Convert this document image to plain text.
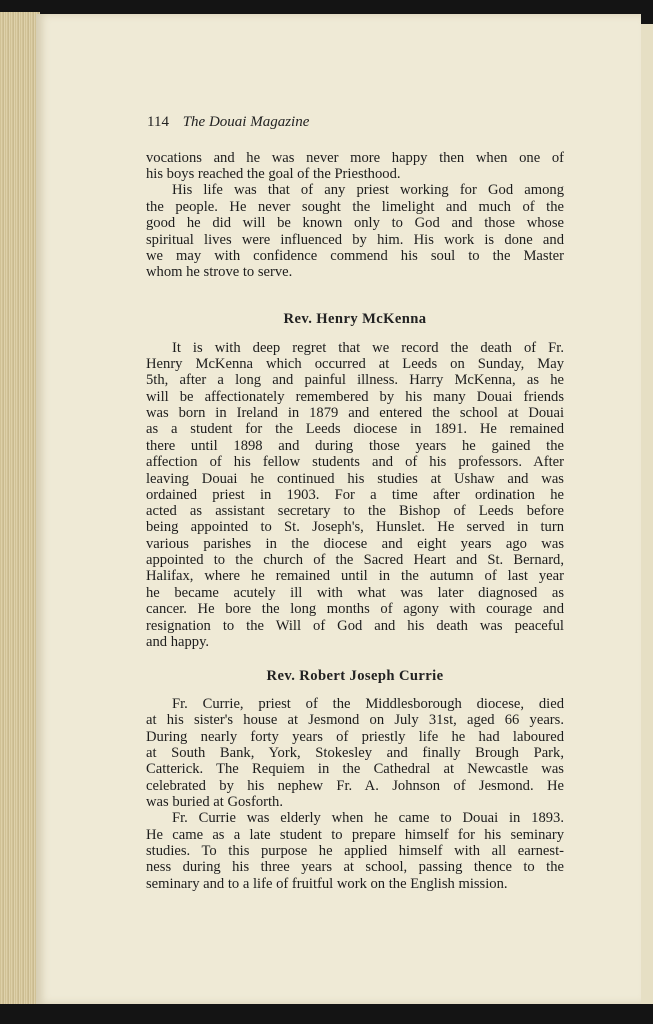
114 The Douai Magazine
vocations and he was never more happy then when one of
his boys reached the goal of the Priesthood.
His life was that of any priest working for God among
the people. He never sought the limelight and much of the
good he did will be known only to God and those whose
spiritual lives were influenced by him. His work is done and
we may with confidence commend his soul to the Master
whom he strove to serve.
Rev. Henry McKenna
It is with deep regret that we record the death of Fr.
Henry McKenna which occurred at Leeds on Sunday, May
5th, after a long and painful illness. Harry McKenna, as he
will be affectionately remembered by his many Douai friends
was born in Ireland in 1879 and entered the school at Douai
as a student for the Leeds diocese in 1891. He remained
there until 1898 and during those years he gained the
affection of his fellow students and of his professors. After
leaving Douai he continued his studies at Ushaw and was
ordained priest in 1903. For a time after ordination he
acted as assistant secretary to the Bishop of Leeds before
being appointed to St. Joseph's, Hunslet. He served in turn
various parishes in the diocese and eight years ago was
appointed to the church of the Sacred Heart and St. Bernard,
Halifax, where he remained until in the autumn of last year
he became acutely ill with what was later diagnosed as
cancer. He bore the long months of agony with courage and
resignation to the Will of God and his death was peaceful
and happy.
Rev. Robert Joseph Currie
Fr. Currie, priest of the Middlesborough diocese, died
at his sister's house at Jesmond on July 31st, aged 66 years.
During nearly forty years of priestly life he had laboured
at South Bank, York, Stokesley and finally Brough Park,
Catterick. The Requiem in the Cathedral at Newcastle was
celebrated by his nephew Fr. A. Johnson of Jesmond. He
was buried at Gosforth.
Fr. Currie was elderly when he came to Douai in 1893.
He came as a late student to prepare himself for his seminary
studies. To this purpose he applied himself with all earnest-
ness during his three years at school, passing thence to the
seminary and to a life of fruitful work on the English mission.
